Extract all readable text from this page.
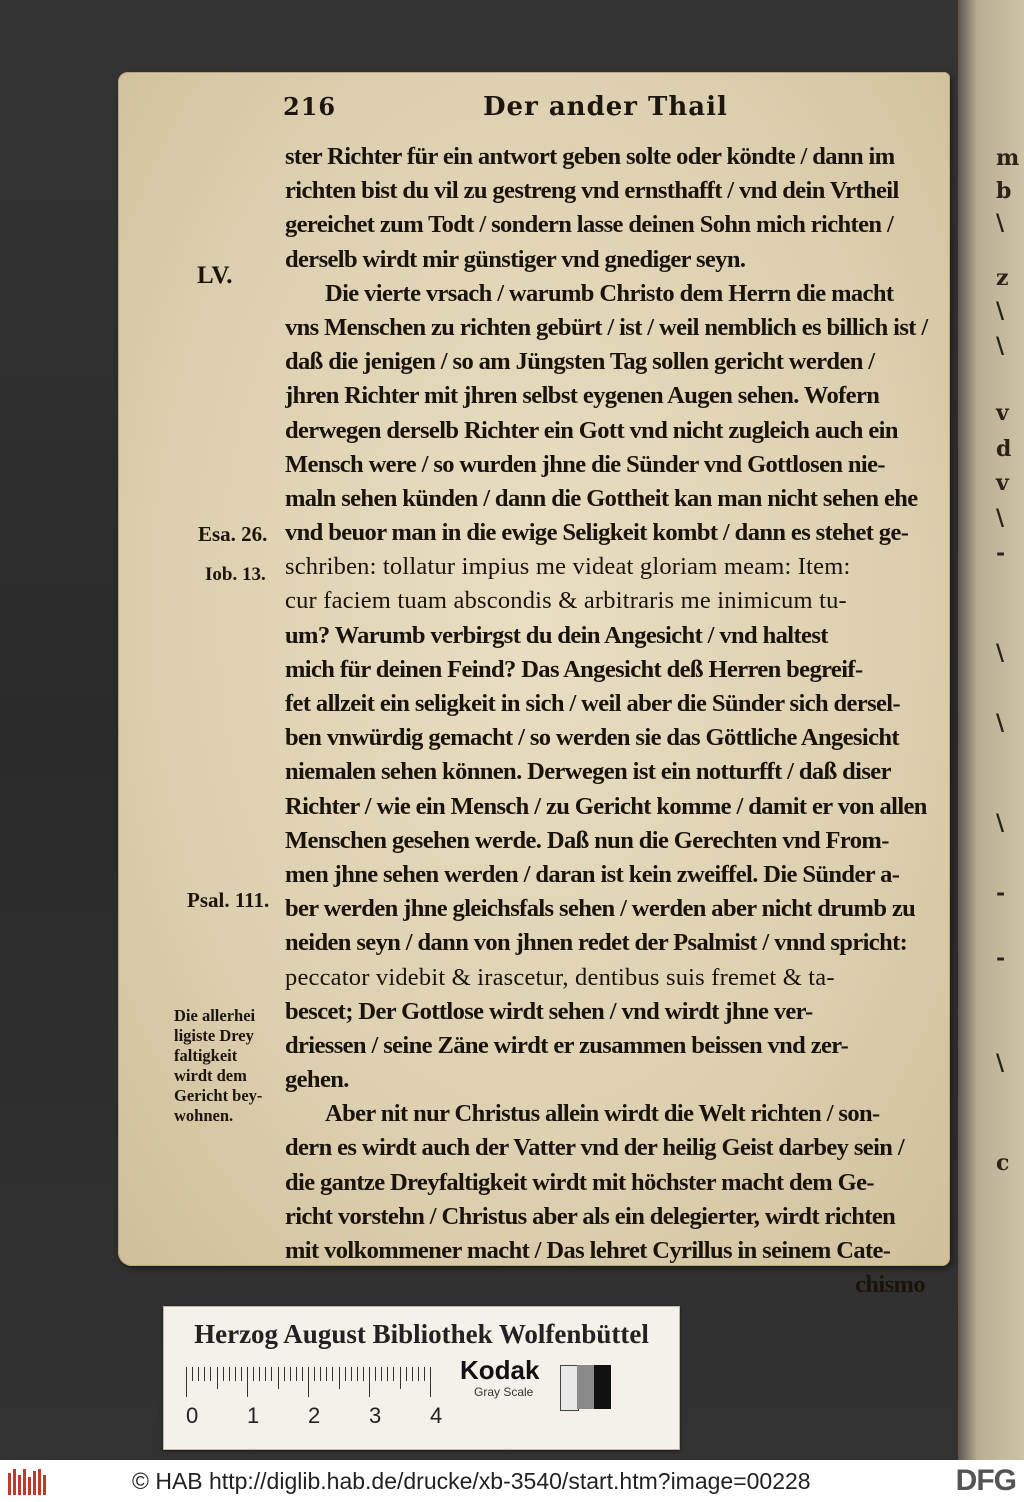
m
b
\
z
\
\
v
d
v
\
-
\
\
\
-
-
\
c
216	Der ander Thail
ster Richter für ein antwort geben solte oder köndte / dann im
richten bist du vil zu gestreng vnd ernsthafft / vnd dein Vrtheil
gereichet zum Todt / sondern lasse deinen Sohn mich richten /
derselb wirdt mir günstiger vnd gnediger seyn.
Die vierte vrsach / warumb Christo dem Herrn die macht
vns Menschen zu richten gebürt / ist / weil nemblich es billich ist /
daß die jenigen / so am Jüngsten Tag sollen gericht werden /
jhren Richter mit jhren selbst eygenen Augen sehen. Wofern
derwegen derselb Richter ein Gott vnd nicht zugleich auch ein
Mensch were / so wurden jhne die Sünder vnd Gottlosen nie-
maln sehen künden / dann die Gottheit kan man nicht sehen ehe
vnd beuor man in die ewige Seligkeit kombt / dann es stehet ge-
schriben: tollatur impius me videat gloriam meam: Item:
cur faciem tuam abscondis & arbitraris me inimicum tu-
um? Warumb verbirgst du dein Angesicht / vnd haltest
mich für deinen Feind? Das Angesicht deß Herren begreif-
fet allzeit ein seligkeit in sich / weil aber die Sünder sich dersel-
ben vnwürdig gemacht / so werden sie das Göttliche Angesicht
niemalen sehen können. Derwegen ist ein notturfft / daß diser
Richter / wie ein Mensch / zu Gericht komme / damit er von allen
Menschen gesehen werde. Daß nun die Gerechten vnd From-
men jhne sehen werden / daran ist kein zweiffel. Die Sünder a-
ber werden jhne gleichsfals sehen / werden aber nicht drumb zu
neiden seyn / dann von jhnen redet der Psalmist / vnnd spricht:
peccator videbit & irascetur, dentibus suis fremet & ta-
bescet; Der Gottlose wirdt sehen / vnd wirdt jhne ver-
driessen / seine Zäne wirdt er zusammen beissen vnd zer-
gehen.
Aber nit nur Christus allein wirdt die Welt richten / son-
dern es wirdt auch der Vatter vnd der heilig Geist darbey sein /
die gantze Dreyfaltigkeit wirdt mit höchster macht dem Ge-
richt vorstehn / Christus aber als ein delegierter, wirdt richten
mit volkommener macht / Das lehret Cyrillus in seinem Cate-
chismo
LV.
Esa. 26.
Iob. 13.
Psal. 111.
Die allerhei
ligiste Drey
faltigkeit
wirdt dem
Gericht bey-
wohnen.
Herzog August Bibliothek Wolfenbüttel
0 1 2 3 4
Kodak
Gray Scale
© HAB http://diglib.hab.de/drucke/xb-3540/start.htm?image=00228	DFG
